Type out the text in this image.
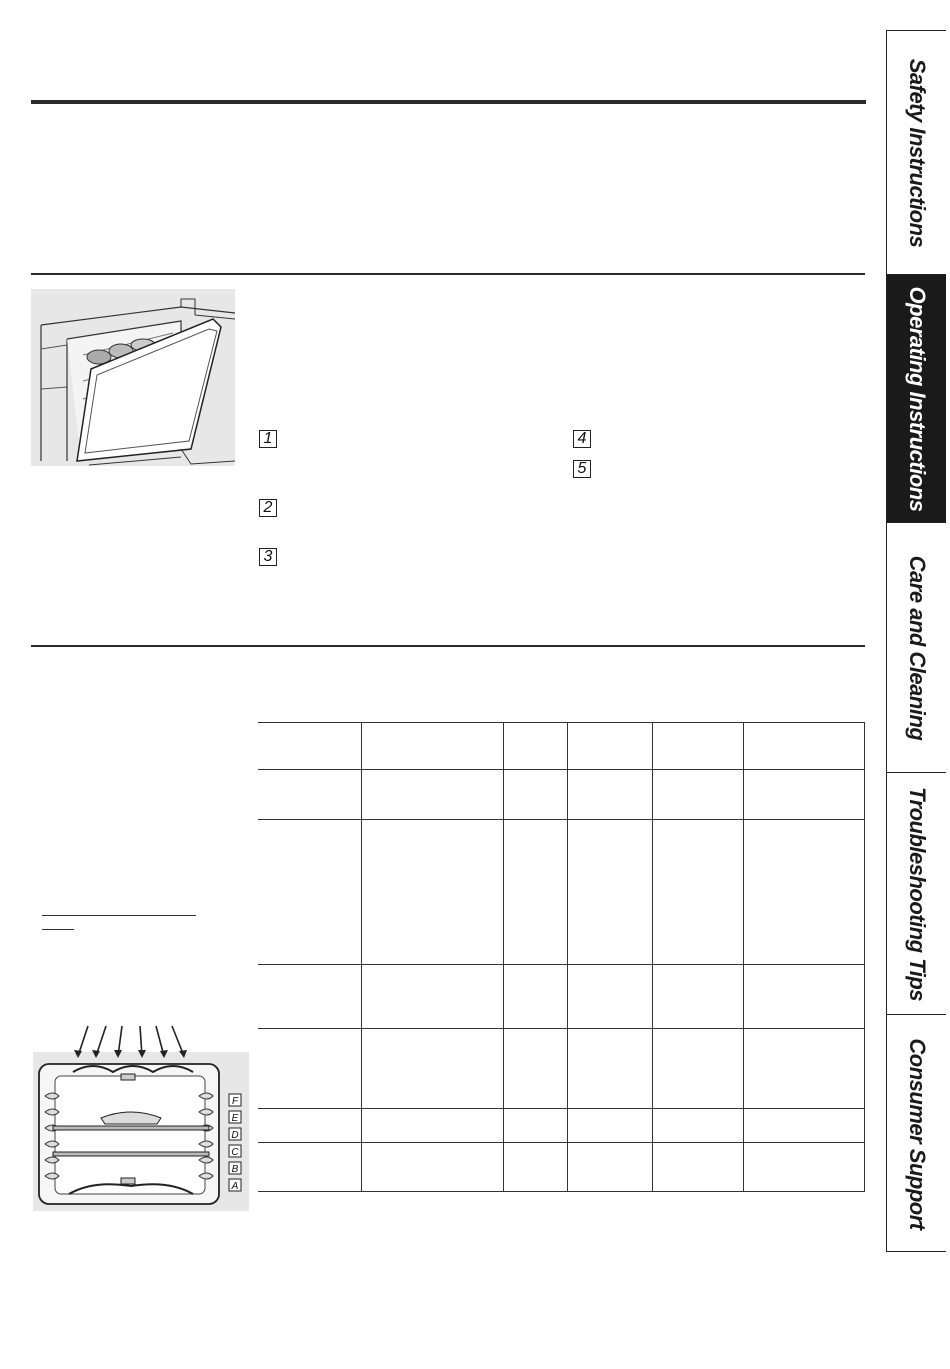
1
2
3
4
5
F
E
D
C
B
A
Safety Instructions
Operating Instructions
Care and Cleaning
Troubleshooting Tips
Consumer Support
